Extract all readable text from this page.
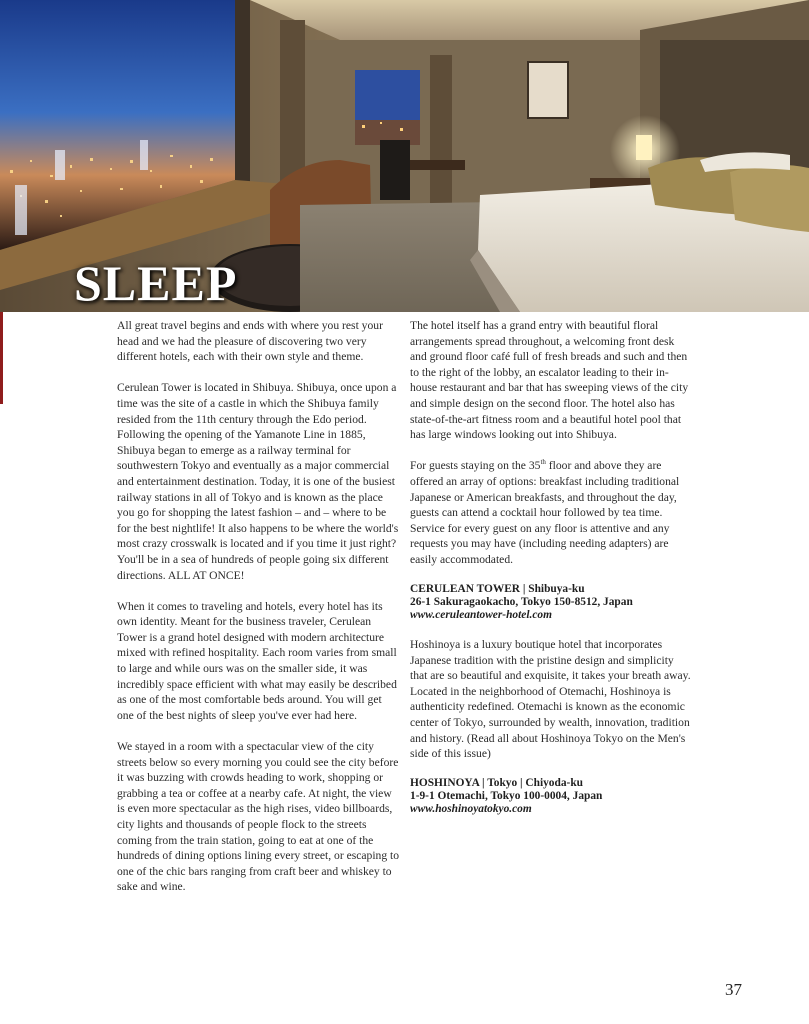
SLEEP

All great travel begins and ends with where you rest your head and we had the pleasure of discovering two very different hotels, each with their own style and theme.

Cerulean Tower is located in Shibuya. Shibuya, once upon a time was the site of a castle in which the Shibuya family resided from the 11th century through the Edo period. Following the opening of the Yamanote Line in 1885, Shibuya began to emerge as a railway terminal for southwestern Tokyo and eventually as a major commercial and entertainment destination. Today, it is one of the busiest railway stations in all of Tokyo and is known as the place you go for shopping the latest fashion – and – where to be for the best nightlife! It also happens to be where the world's most crazy crosswalk is located and if you time it just right? You'll be in a sea of hundreds of people going six different directions. ALL AT ONCE!

When it comes to traveling and hotels, every hotel has its own identity. Meant for the business traveler, Cerulean Tower is a grand hotel designed with modern architecture mixed with refined hospitality. Each room varies from small to large and while ours was on the smaller side, it was incredibly space efficient with what may easily be described as one of the most comfortable beds around. You will get one of the best nights of sleep you've ever had here.

We stayed in a room with a spectacular view of the city streets below so every morning you could see the city before it was buzzing with crowds heading to work, shopping or grabbing a tea or coffee at a nearby cafe. At night, the view is even more spectacular as the high rises, video billboards, city lights and thousands of people flock to the streets coming from the train station, going to eat at one of the hundreds of dining options lining every street, or escaping to one of the chic bars ranging from craft beer and whiskey to sake and wine.

The hotel itself has a grand entry with beautiful floral arrangements spread throughout, a welcoming front desk and ground floor café full of fresh breads and such and then to the right of the lobby, an escalator leading to their in-house restaurant and bar that has sweeping views of the city and simple design on the second floor. The hotel also has state-of-the-art fitness room and a beautiful hotel pool that has large windows looking out into Shibuya.

For guests staying on the 35th floor and above they are offered an array of options: breakfast including traditional Japanese or American breakfasts, and throughout the day, guests can attend a cocktail hour followed by tea time. Service for every guest on any floor is attentive and any requests you may have (including needing adapters) are easily accommodated.

CERULEAN TOWER | Shibuya-ku
26-1 Sakuragaokacho, Tokyo 150-8512, Japan
www.ceruleantower-hotel.com

Hoshinoya is a luxury boutique hotel that incorporates Japanese tradition with the pristine design and simplicity that are so beautiful and exquisite, it takes your breath away. Located in the neighborhood of Otemachi, Hoshinoya is authenticity redefined. Otemachi is known as the economic center of Tokyo, surrounded by wealth, innovation, tradition and history. (Read all about Hoshinoya Tokyo on the Men's side of this issue)

HOSHINOYA | Tokyo | Chiyoda-ku
1-9-1 Otemachi, Tokyo 100-0004, Japan
www.hoshinoyatokyo.com
37
